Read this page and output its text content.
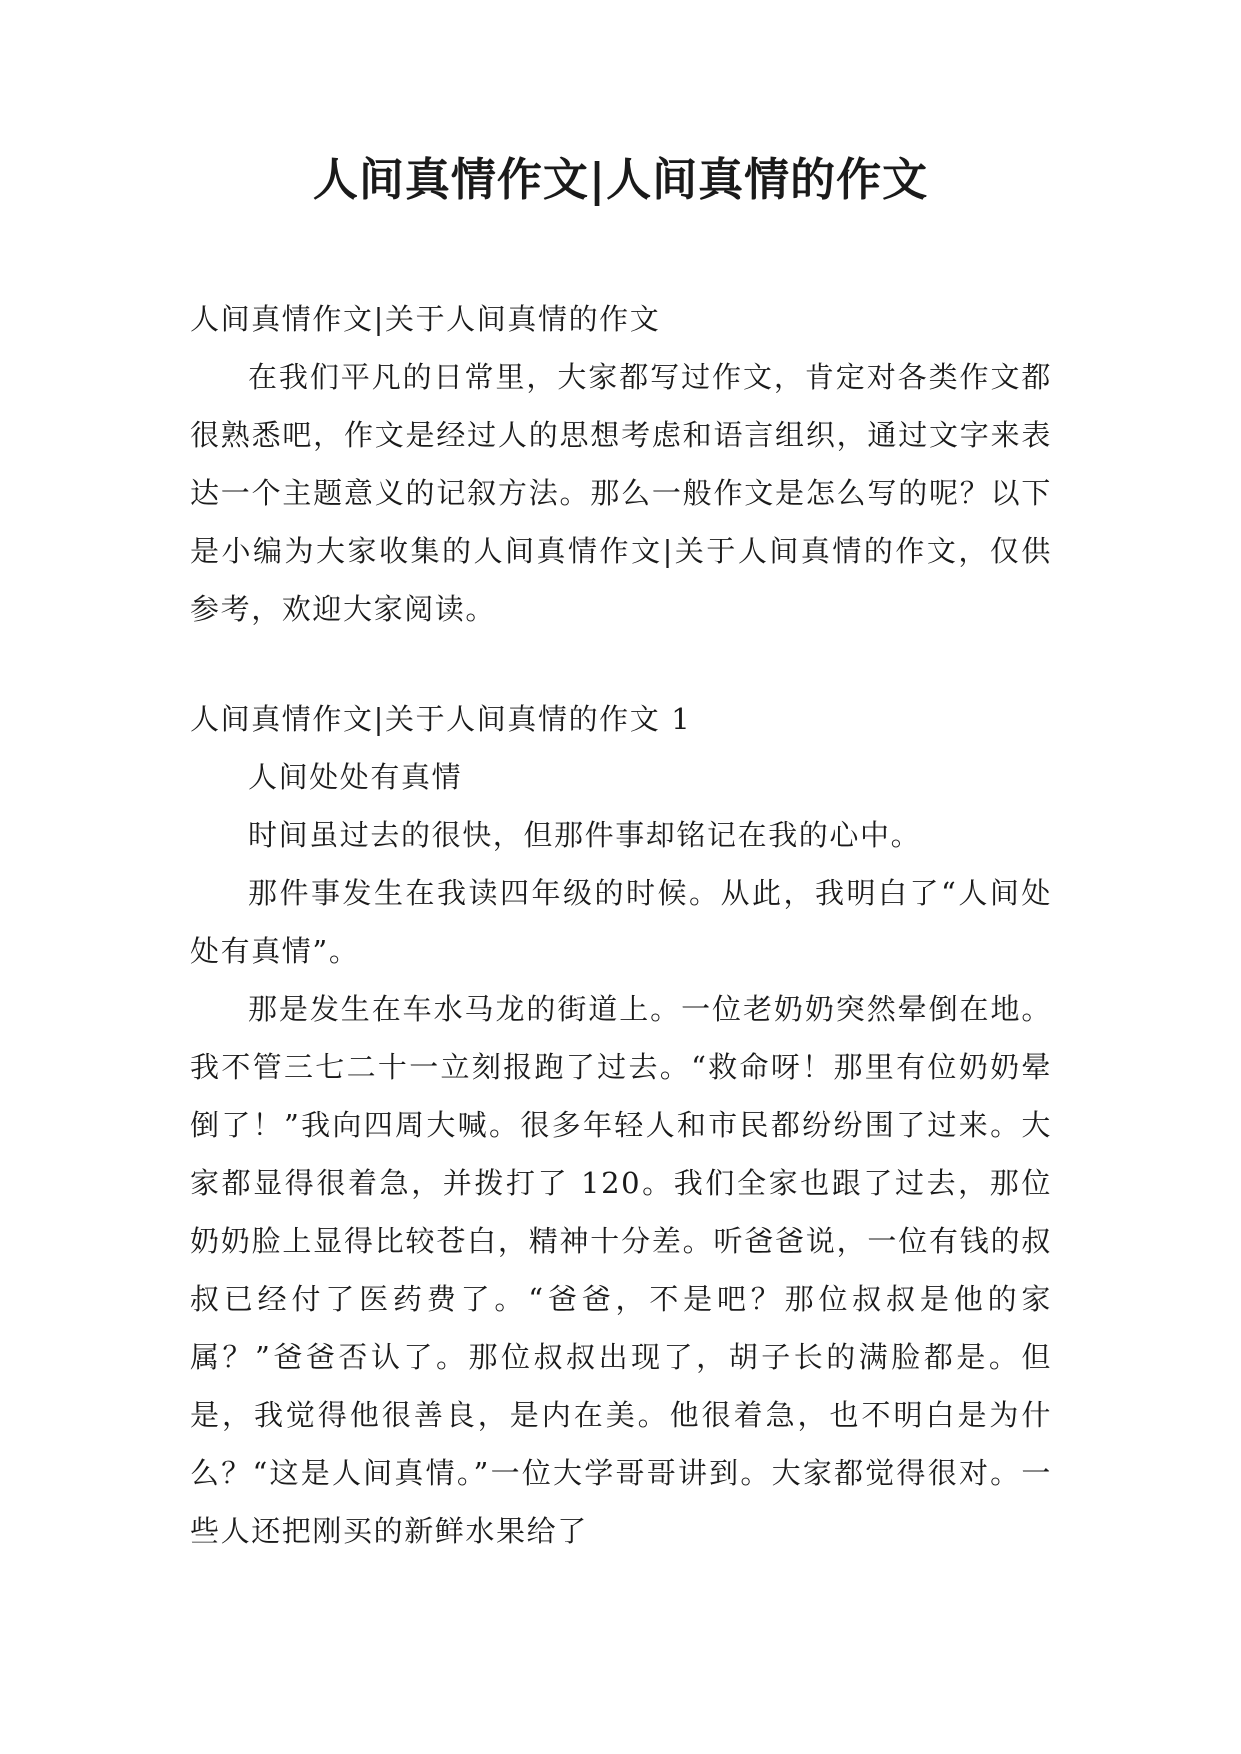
人间真情作文|人间真情的作文

人间真情作文|关于人间真情的作文

在我们平凡的日常里，大家都写过作文，肯定对各类作文都很熟悉吧，作文是经过人的思想考虑和语言组织，通过文字来表达一个主题意义的记叙方法。那么一般作文是怎么写的呢？以下是小编为大家收集的人间真情作文|关于人间真情的作文，仅供参考，欢迎大家阅读。

人间真情作文|关于人间真情的作文 1

人间处处有真情

时间虽过去的很快，但那件事却铭记在我的心中。

那件事发生在我读四年级的时候。从此，我明白了“人间处处有真情”。

那是发生在车水马龙的街道上。一位老奶奶突然晕倒在地。我不管三七二十一立刻报跑了过去。“救命呀！那里有位奶奶晕倒了！”我向四周大喊。很多年轻人和市民都纷纷围了过来。大家都显得很着急，并拨打了 120。我们全家也跟了过去，那位奶奶脸上显得比较苍白，精神十分差。听爸爸说，一位有钱的叔叔已经付了医药费了。“爸爸，不是吧？那位叔叔是他的家属？”爸爸否认了。那位叔叔出现了，胡子长的满脸都是。但是，我觉得他很善良，是内在美。他很着急，也不明白是为什么？“这是人间真情。”一位大学哥哥讲到。大家都觉得很对。一些人还把刚买的新鲜水果给了
